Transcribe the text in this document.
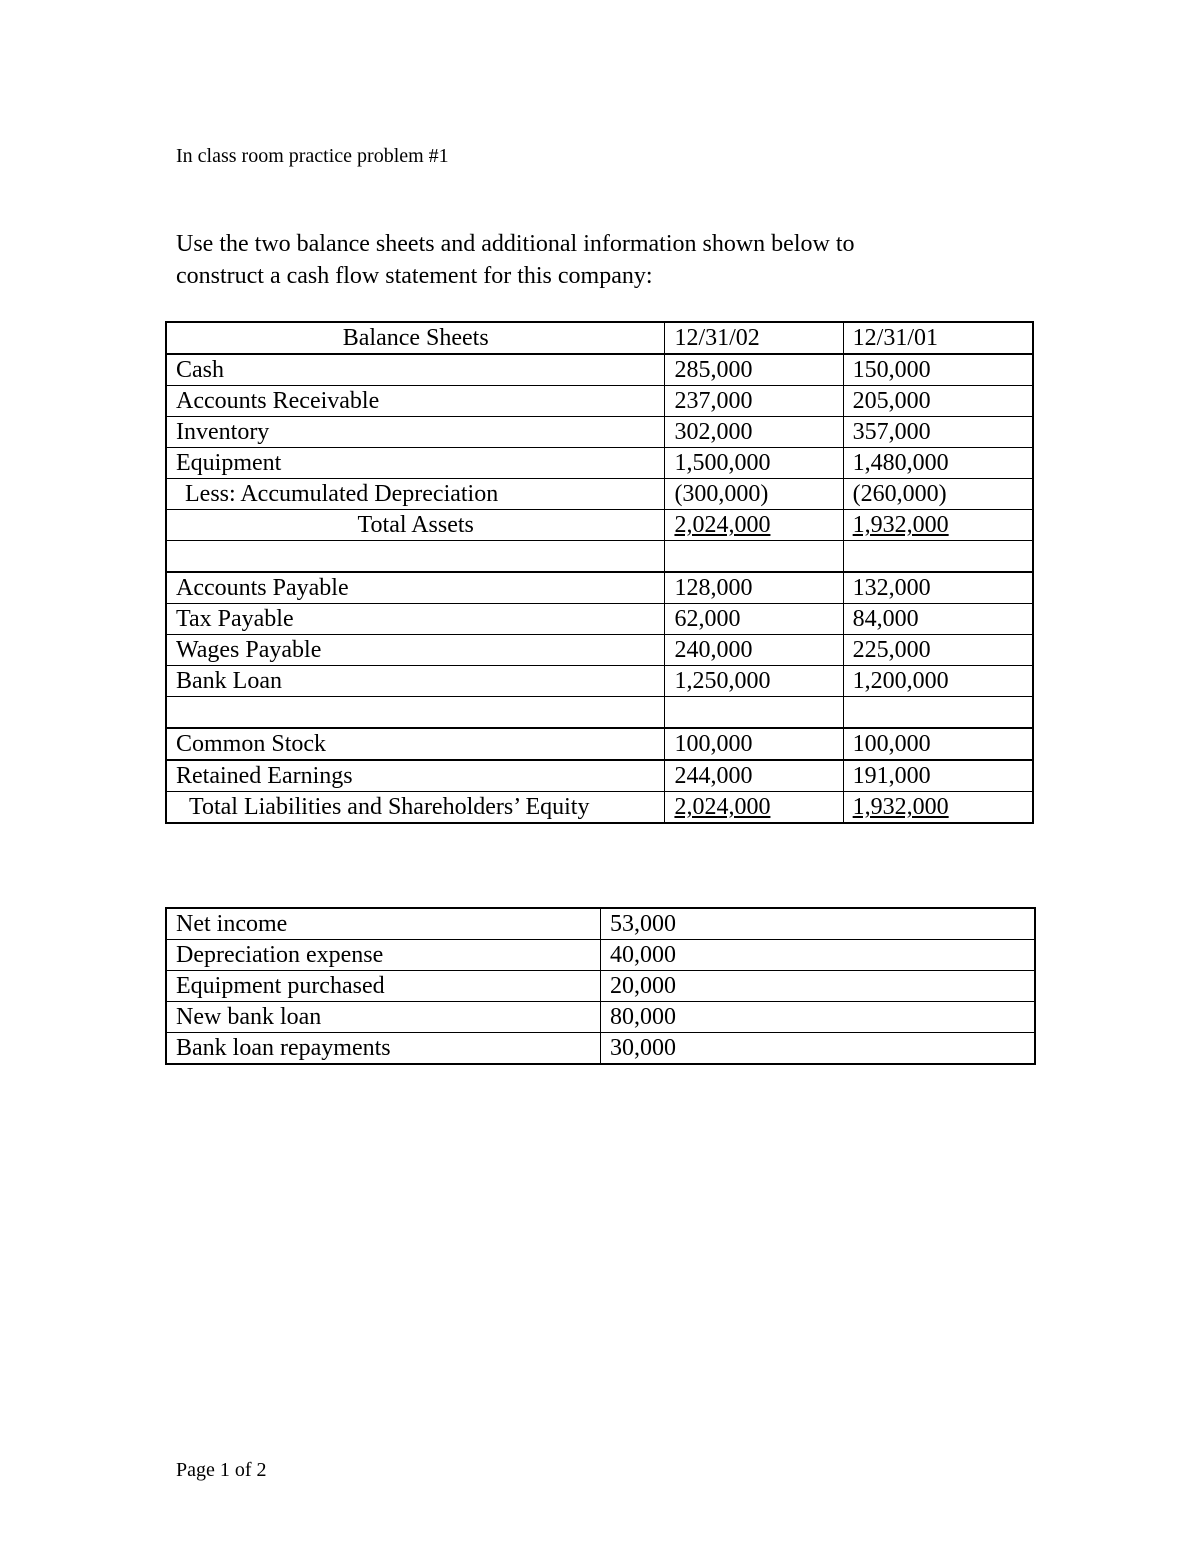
In class room practice problem #1

Use the two balance sheets and additional information shown below to

construct a cash flow statement for this company:

Balance Sheets	12/31/02	12/31/01
Cash	285,000	150,000
Accounts Receivable	237,000	205,000
Inventory	302,000	357,000
Equipment	1,500,000	1,480,000
Less: Accumulated Depreciation	(300,000)	(260,000)
Total Assets	2,024,000	1,932,000

Accounts Payable	128,000	132,000
Tax Payable	62,000	84,000
Wages Payable	240,000	225,000
Bank Loan	1,250,000	1,200,000

Common Stock	100,000	100,000
Retained Earnings	244,000	191,000
Total Liabilities and Shareholders’ Equity	2,024,000	1,932,000
Net income	53,000
Depreciation expense	40,000
Equipment purchased	20,000
New bank loan	80,000
Bank loan repayments	30,000
Page 1 of 2
